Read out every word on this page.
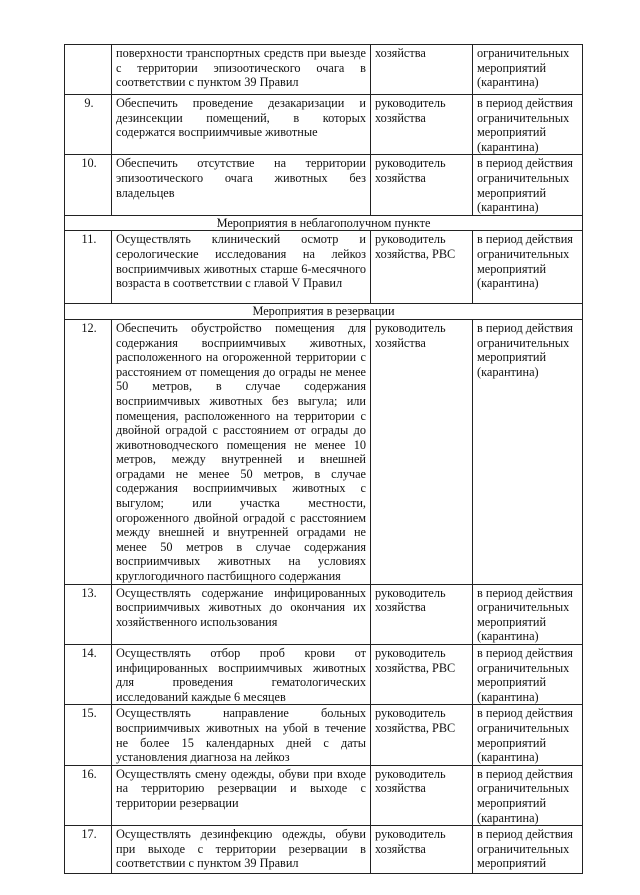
	поверхности транспортных средств при выезде с территории эпизоотического очага в соответствии с пунктом 39 Правил	хозяйства	ограничительных мероприятий (карантина)
9.	Обеспечить проведение дезакаризации и дезинсекции помещений, в которых содержатся восприимчивые животные	руководитель хозяйства	в период действия ограничительных мероприятий (карантина)
10.	Обеспечить отсутствие на территории эпизоотического очага животных без владельцев	руководитель хозяйства	в период действия ограничительных мероприятий (карантина)
Мероприятия в неблагополучном пункте			
11.	Осуществлять клинический осмотр и серологические исследования на лейкоз восприимчивых животных старше 6-месячного возраста в соответствии с главой V Правил	руководитель хозяйства, РВС	в период действия ограничительных мероприятий (карантина)
Мероприятия в резервации			
12.	Обеспечить обустройство помещения для содержания восприимчивых животных, расположенного на огороженной территории с расстоянием от помещения до ограды не менее 50 метров, в случае содержания восприимчивых животных без выгула; или помещения, расположенного на территории с двойной оградой с расстоянием от ограды до животноводческого помещения не менее 10 метров, между внутренней и внешней оградами не менее 50 метров, в случае содержания восприимчивых животных с выгулом; или участка местности, огороженного двойной оградой с расстоянием между внешней и внутренней оградами не менее 50 метров в случае содержания восприимчивых животных на условиях круглогодичного пастбищного содержания	руководитель хозяйства	в период действия ограничительных мероприятий (карантина)
13.	Осуществлять содержание инфицированных восприимчивых животных до окончания их хозяйственного использования	руководитель хозяйства	в период действия ограничительных мероприятий (карантина)
14.	Осуществлять отбор проб крови от инфицированных восприимчивых животных для проведения гематологических исследований каждые 6 месяцев	руководитель хозяйства, РВС	в период действия ограничительных мероприятий (карантина)
15.	Осуществлять направление больных восприимчивых животных на убой в течение не более 15 календарных дней с даты установления диагноза на лейкоз	руководитель хозяйства, РВС	в период действия ограничительных мероприятий (карантина)
16.	Осуществлять смену одежды, обуви при входе на территорию резервации и выходе с территории резервации	руководитель хозяйства	в период действия ограничительных мероприятий (карантина)
17.	Осуществлять дезинфекцию одежды, обуви при выходе с территории резервации в соответствии с пунктом 39 Правил	руководитель хозяйства	в период действия ограничительных мероприятий
